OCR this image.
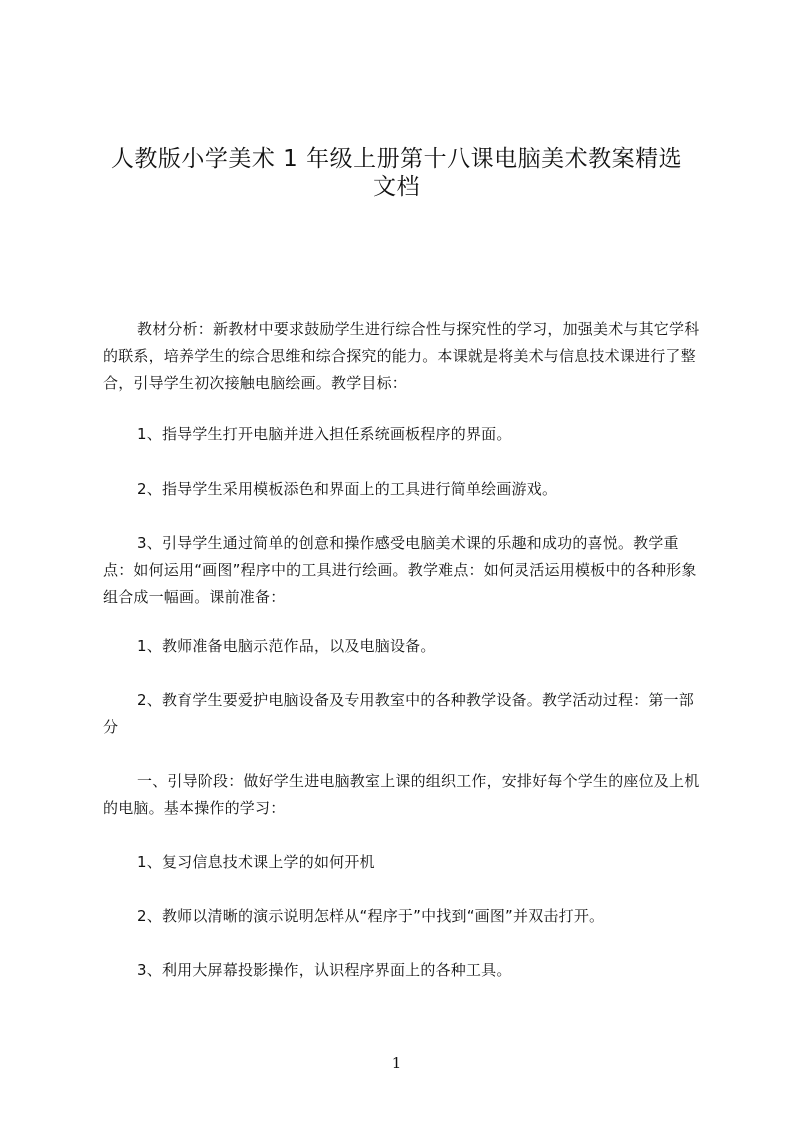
人教版小学美术 1 年级上册第十八课电脑美术教案精选
文档

教材分析：新教材中要求鼓励学生进行综合性与探究性的学习，加强美术与其它学科的联系，培养学生的综合思维和综合探究的能力。本课就是将美术与信息技术课进行了整合，引导学生初次接触电脑绘画。教学目标：

1、指导学生打开电脑并进入担任系统画板程序的界面。

2、指导学生采用模板添色和界面上的工具进行简单绘画游戏。

3、引导学生通过简单的创意和操作感受电脑美术课的乐趣和成功的喜悦。教学重点：如何运用“画图”程序中的工具进行绘画。教学难点：如何灵活运用模板中的各种形象组合成一幅画。课前准备：

1、教师准备电脑示范作品，以及电脑设备。

2、教育学生要爱护电脑设备及专用教室中的各种教学设备。教学活动过程：第一部分

一、引导阶段：做好学生进电脑教室上课的组织工作，安排好每个学生的座位及上机的电脑。基本操作的学习：

1、复习信息技术课上学的如何开机

2、教师以清晰的演示说明怎样从“程序于”中找到“画图”并双击打开。

3、利用大屏幕投影操作，认识程序界面上的各种工具。

1
